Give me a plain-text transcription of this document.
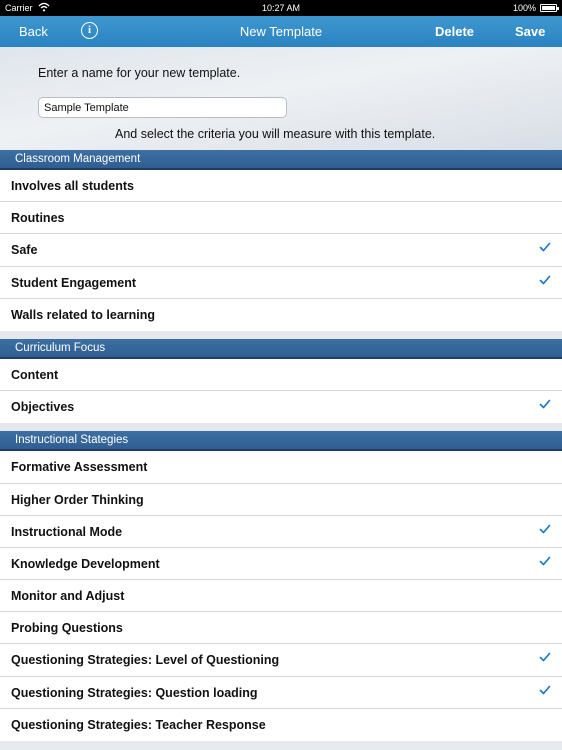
Carrier	10:27 AM	100%
Back	i	New Template	Delete	Save
Enter a name for your new template.
Sample Template
And select the criteria you will measure with this template.
Classroom Management
Involves all students
Routines
Safe
Student Engagement
Walls related to learning
Curriculum Focus
Content
Objectives
Instructional Stategies
Formative Assessment
Higher Order Thinking
Instructional Mode
Knowledge Development
Monitor and Adjust
Probing Questions
Questioning Strategies: Level of Questioning
Questioning Strategies: Question loading
Questioning Strategies: Teacher Response
